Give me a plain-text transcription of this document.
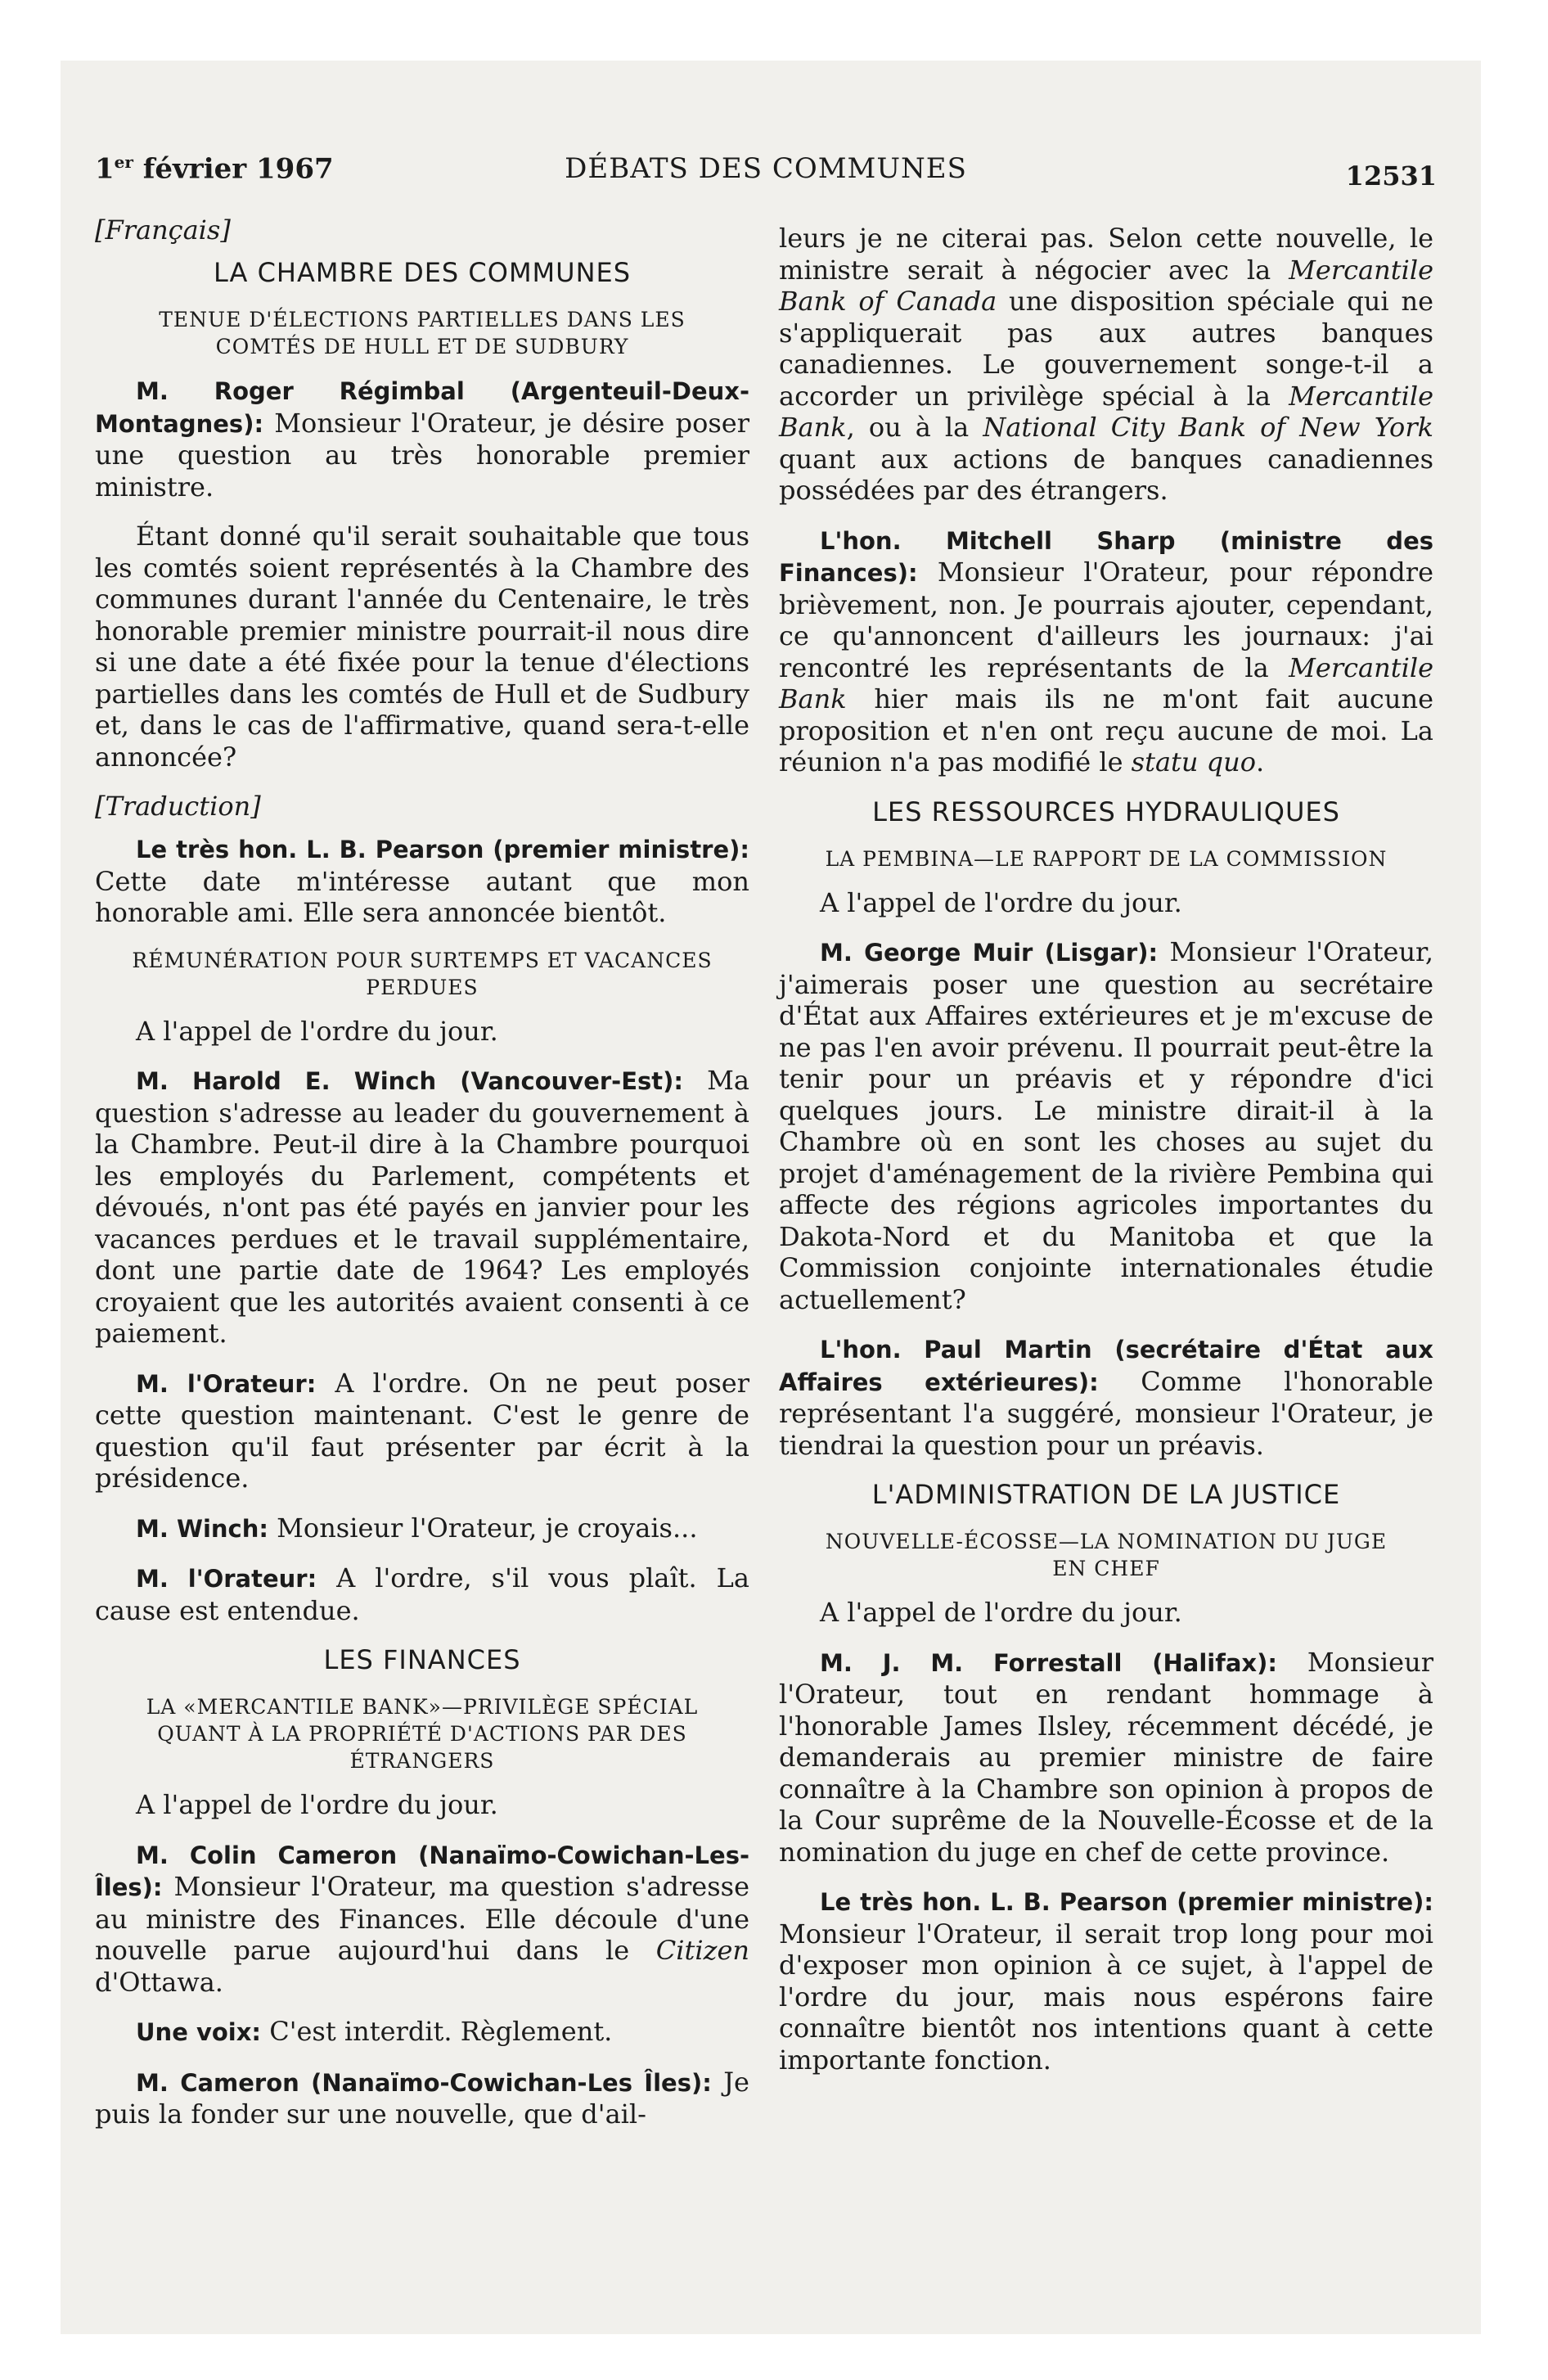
1er février 1967	DÉBATS DES COMMUNES	12531
[Français]
LA CHAMBRE DES COMMUNES
TENUE D'ÉLECTIONS PARTIELLES DANS LES COMTÉS DE HULL ET DE SUDBURY

M. Roger Régimbal (Argenteuil-Deux-Montagnes): Monsieur l'Orateur, je désire poser une question au très honorable premier ministre.

Étant donné qu'il serait souhaitable que tous les comtés soient représentés à la Chambre des communes durant l'année du Centenaire, le très honorable premier ministre pourrait-il nous dire si une date a été fixée pour la tenue d'élections partielles dans les comtés de Hull et de Sudbury et, dans le cas de l'affirmative, quand sera-t-elle annoncée?

[Traduction]

Le très hon. L. B. Pearson (premier ministre): Cette date m'intéresse autant que mon honorable ami. Elle sera annoncée bientôt.

RÉMUNÉRATION POUR SURTEMPS ET VACANCES PERDUES

A l'appel de l'ordre du jour.

M. Harold E. Winch (Vancouver-Est): Ma question s'adresse au leader du gouvernement à la Chambre. Peut-il dire à la Chambre pourquoi les employés du Parlement, compétents et dévoués, n'ont pas été payés en janvier pour les vacances perdues et le travail supplémentaire, dont une partie date de 1964? Les employés croyaient que les autorités avaient consenti à ce paiement.

M. l'Orateur: A l'ordre. On ne peut poser cette question maintenant. C'est le genre de question qu'il faut présenter par écrit à la présidence.

M. Winch: Monsieur l'Orateur, je croyais...

M. l'Orateur: A l'ordre, s'il vous plaît. La cause est entendue.

LES FINANCES
LA «MERCANTILE BANK»—PRIVILÈGE SPÉCIAL QUANT À LA PROPRIÉTÉ D'ACTIONS PAR DES ÉTRANGERS

A l'appel de l'ordre du jour.

M. Colin Cameron (Nanaïmo-Cowichan-Les-Îles): Monsieur l'Orateur, ma question s'adresse au ministre des Finances. Elle découle d'une nouvelle parue aujourd'hui dans le Citizen d'Ottawa.

Une voix: C'est interdit. Règlement.

M. Cameron (Nanaïmo-Cowichan-Les Îles): Je puis la fonder sur une nouvelle, que d'ail-

leurs je ne citerai pas. Selon cette nouvelle, le ministre serait à négocier avec la Mercantile Bank of Canada une disposition spéciale qui ne s'appliquerait pas aux autres banques canadiennes. Le gouvernement songe-t-il a accorder un privilège spécial à la Mercantile Bank, ou à la National City Bank of New York quant aux actions de banques canadiennes possédées par des étrangers.

L'hon. Mitchell Sharp (ministre des Finances): Monsieur l'Orateur, pour répondre brièvement, non. Je pourrais ajouter, cependant, ce qu'annoncent d'ailleurs les journaux: j'ai rencontré les représentants de la Mercantile Bank hier mais ils ne m'ont fait aucune proposition et n'en ont reçu aucune de moi. La réunion n'a pas modifié le statu quo.

LES RESSOURCES HYDRAULIQUES
LA PEMBINA—LE RAPPORT DE LA COMMISSION

A l'appel de l'ordre du jour.

M. George Muir (Lisgar): Monsieur l'Orateur, j'aimerais poser une question au secrétaire d'État aux Affaires extérieures et je m'excuse de ne pas l'en avoir prévenu. Il pourrait peut-être la tenir pour un préavis et y répondre d'ici quelques jours. Le ministre dirait-il à la Chambre où en sont les choses au sujet du projet d'aménagement de la rivière Pembina qui affecte des régions agricoles importantes du Dakota-Nord et du Manitoba et que la Commission conjointe internationales étudie actuellement?

L'hon. Paul Martin (secrétaire d'État aux Affaires extérieures): Comme l'honorable représentant l'a suggéré, monsieur l'Orateur, je tiendrai la question pour un préavis.

L'ADMINISTRATION DE LA JUSTICE
NOUVELLE-ÉCOSSE—LA NOMINATION DU JUGE EN CHEF

A l'appel de l'ordre du jour.

M. J. M. Forrestall (Halifax): Monsieur l'Orateur, tout en rendant hommage à l'honorable James Ilsley, récemment décédé, je demanderais au premier ministre de faire connaître à la Chambre son opinion à propos de la Cour suprême de la Nouvelle-Écosse et de la nomination du juge en chef de cette province.

Le très hon. L. B. Pearson (premier ministre): Monsieur l'Orateur, il serait trop long pour moi d'exposer mon opinion à ce sujet, à l'appel de l'ordre du jour, mais nous espérons faire connaître bientôt nos intentions quant à cette importante fonction.
